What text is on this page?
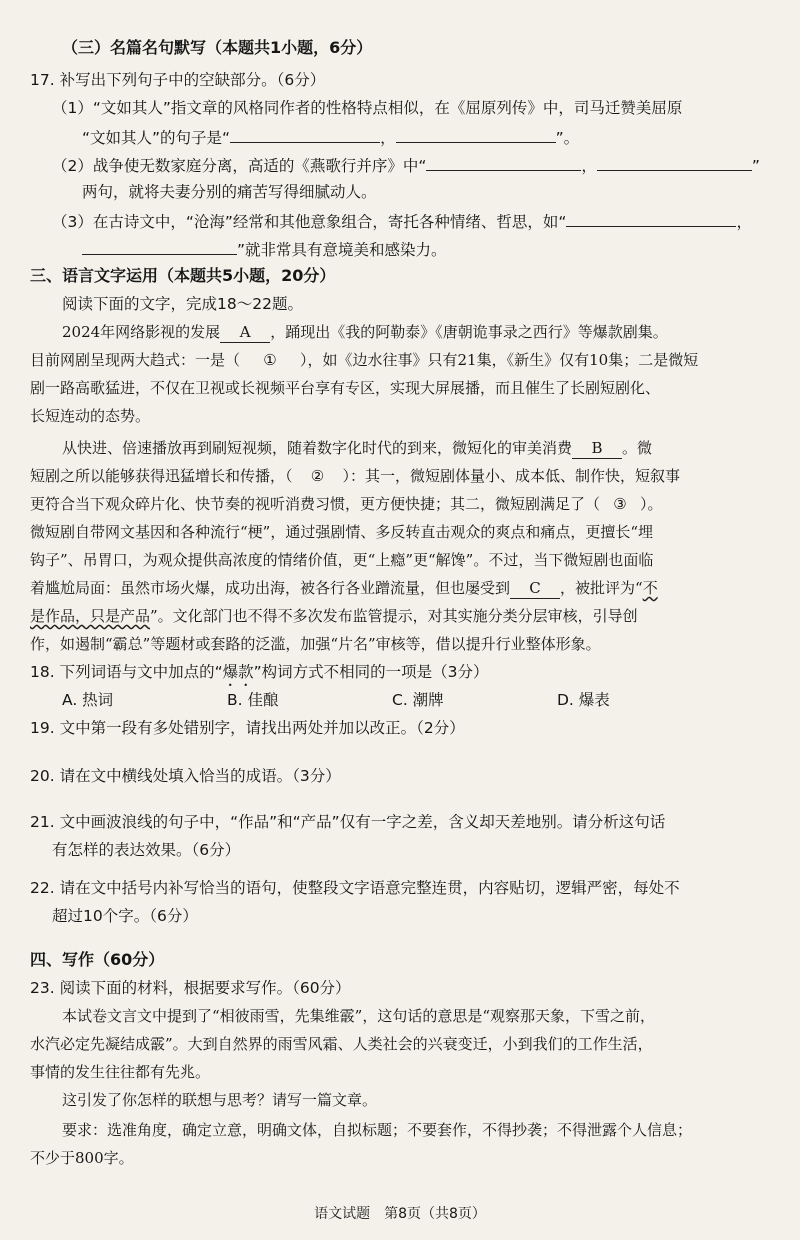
（三）名篇名句默写（本题共1小题，6分）
17. 补写出下列句子中的空缺部分。（6分）
（1）“文如其人”指文章的风格同作者的性格特点相似，在《屈原列传》中，司马迁赞美屈原
“文如其人”的句子是“	，	”。
（2）战争使无数家庭分离，高适的《燕歌行并序》中“	，	”
两句，就将夫妻分别的痛苦写得细腻动人。
（3）在古诗文中，“沧海”经常和其他意象组合，寄托各种情绪、哲思，如“	，
”就非常具有意境美和感染力。
三、语言文字运用（本题共5小题，20分）
阅读下面的文字，完成18～22题。
2024年网络影视的发展 A ，踊现出《我的阿勒泰》《唐朝诡事录之西行》等爆款剧集。
目前网剧呈现两大趋式：一是（ ① ），如《边水往事》只有21集，《新生》仅有10集；二是微短
剧一路高歌猛进，不仅在卫视或长视频平台享有专区，实现大屏展播，而且催生了长剧短剧化、
长短连动的态势。
从快进、倍速播放再到刷短视频，随着数字化时代的到来，微短化的审美消费 B 。微
短剧之所以能够获得迅猛增长和传播，（ ② ）：其一，微短剧体量小、成本低、制作快，短叙事
更符合当下观众碎片化、快节奏的视听消费习惯，更方便快捷；其二，微短剧满足了（ ③ ）。
微短剧自带网文基因和各种流行“梗”，通过强剧情、多反转直击观众的爽点和痛点，更擅长“埋
钩子”、吊胃口，为观众提供高浓度的情绪价值，更“上瘾”更“解馋”。不过，当下微短剧也面临
着尴尬局面：虽然市场火爆，成功出海，被各行各业蹭流量，但也屡受到 C ，被批评为“不
是作品，只是产品”。文化部门也不得不多次发布监管提示，对其实施分类分层审核，引导创
作，如遏制“霸总”等题材或套路的泛滥，加强“片名”审核等，借以提升行业整体形象。
18. 下列词语与文中加点的“爆款”构词方式不相同的一项是（3分）
A. 热词	B. 佳酿	C. 潮牌	D. 爆表
19. 文中第一段有多处错别字，请找出两处并加以改正。（2分）
20. 请在文中横线处填入恰当的成语。（3分）
21. 文中画波浪线的句子中，“作品”和“产品”仅有一字之差，含义却天差地别。请分析这句话
有怎样的表达效果。（6分）
22. 请在文中括号内补写恰当的语句，使整段文字语意完整连贯，内容贴切，逻辑严密，每处不
超过10个字。（6分）
四、写作（60分）
23. 阅读下面的材料，根据要求写作。（60分）
本试卷文言文中提到了“相彼雨雪，先集维霰”，这句话的意思是“观察那天象，下雪之前，
水汽必定先凝结成霰”。大到自然界的雨雪风霜、人类社会的兴衰变迁，小到我们的工作生活，
事情的发生往往都有先兆。
这引发了你怎样的联想与思考？请写一篇文章。
要求：选准角度，确定立意，明确文体，自拟标题；不要套作，不得抄袭；不得泄露个人信息；
不少于800字。
语文试题　第8页（共8页）
